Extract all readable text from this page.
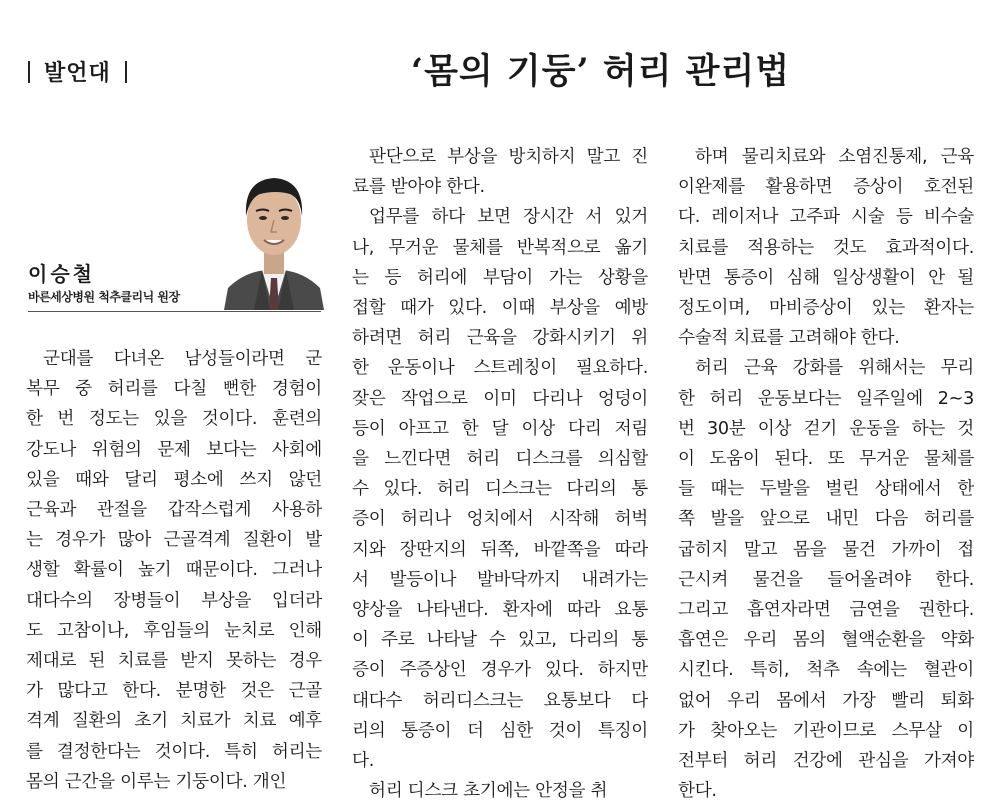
발언대	‘몸의 기둥’ 허리 관리법
이승철
바른세상병원 척추클리닉 원장

군대를 다녀온 남성들이라면 군

복무 중 허리를 다칠 뻔한 경험이

한 번 정도는 있을 것이다. 훈련의

강도나 위험의 문제 보다는 사회에

있을 때와 달리 평소에 쓰지 않던

근육과 관절을 갑작스럽게 사용하

는 경우가 많아 근골격계 질환이 발

생할 확률이 높기 때문이다. 그러나

대다수의 장병들이 부상을 입더라

도 고참이나, 후임들의 눈치로 인해

제대로 된 치료를 받지 못하는 경우

가 많다고 한다. 분명한 것은 근골

격계 질환의 초기 치료가 치료 예후

를 결정한다는 것이다. 특히 허리는

몸의 근간을 이루는 기둥이다. 개인

판단으로 부상을 방치하지 말고 진

료를 받아야 한다.

업무를 하다 보면 장시간 서 있거

나, 무거운 물체를 반복적으로 옮기

는 등 허리에 부담이 가는 상황을

접할 때가 있다. 이때 부상을 예방

하려면 허리 근육을 강화시키기 위

한 운동이나 스트레칭이 필요하다.

잦은 작업으로 이미 다리나 엉덩이

등이 아프고 한 달 이상 다리 저림

을 느낀다면 허리 디스크를 의심할

수 있다. 허리 디스크는 다리의 통

증이 허리나 엉치에서 시작해 허벅

지와 장딴지의 뒤쪽, 바깥쪽을 따라

서 발등이나 발바닥까지 내려가는

양상을 나타낸다. 환자에 따라 요통

이 주로 나타날 수 있고, 다리의 통

증이 주증상인 경우가 있다. 하지만

대다수 허리디스크는 요통보다 다

리의 통증이 더 심한 것이 특징이

다.

허리 디스크 초기에는 안정을 취

하며 물리치료와 소염진통제, 근육

이완제를 활용하면 증상이 호전된

다. 레이저나 고주파 시술 등 비수술

치료를 적용하는 것도 효과적이다.

반면 통증이 심해 일상생활이 안 될

정도이며, 마비증상이 있는 환자는

수술적 치료를 고려해야 한다.

허리 근육 강화를 위해서는 무리

한 허리 운동보다는 일주일에 2~3

번 30분 이상 걷기 운동을 하는 것

이 도움이 된다. 또 무거운 물체를

들 때는 두발을 벌린 상태에서 한

쪽 발을 앞으로 내민 다음 허리를

굽히지 말고 몸을 물건 가까이 접

근시켜 물건을 들어올려야 한다.

그리고 흡연자라면 금연을 권한다.

흡연은 우리 몸의 혈액순환을 약화

시킨다. 특히, 척추 속에는 혈관이

없어 우리 몸에서 가장 빨리 퇴화

가 찾아오는 기관이므로 스무살 이

전부터 허리 건강에 관심을 가져야

한다.
